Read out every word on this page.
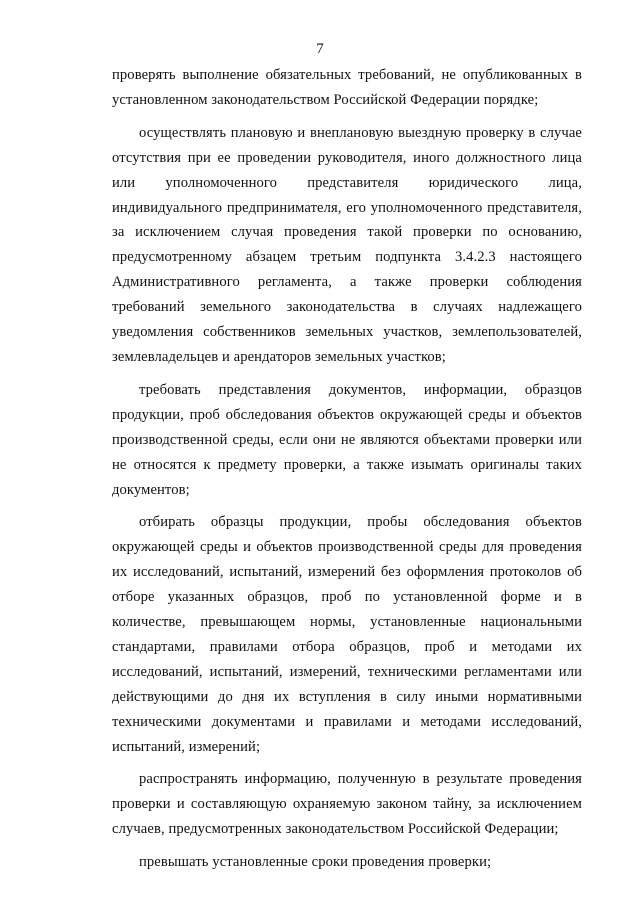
7

проверять выполнение обязательных требований, не опубликованных в установленном законодательством Российской Федерации порядке;

осуществлять плановую и внеплановую выездную проверку в случае отсутствия при ее проведении руководителя, иного должностного лица или уполномоченного представителя юридического лица, индивидуального предпринимателя, его уполномоченного представителя, за исключением случая проведения такой проверки по основанию, предусмотренному абзацем третьим подпункта 3.4.2.3 настоящего Административного регламента, а также проверки соблюдения требований земельного законодательства в случаях надлежащего уведомления собственников земельных участков, землепользователей, землевладельцев и арендаторов земельных участков;

требовать представления документов, информации, образцов продукции, проб обследования объектов окружающей среды и объектов производственной среды, если они не являются объектами проверки или не относятся к предмету проверки, а также изымать оригиналы таких документов;

отбирать образцы продукции, пробы обследования объектов окружающей среды и объектов производственной среды для проведения их исследований, испытаний, измерений без оформления протоколов об отборе указанных образцов, проб по установленной форме и в количестве, превышающем нормы, установленные национальными стандартами, правилами отбора образцов, проб и методами их исследований, испытаний, измерений, техническими регламентами или действующими до дня их вступления в силу иными нормативными техническими документами и правилами и методами исследований, испытаний, измерений;

распространять информацию, полученную в результате проведения проверки и составляющую охраняемую законом тайну, за исключением случаев, предусмотренных законодательством Российской Федерации;

превышать установленные сроки проведения проверки;
